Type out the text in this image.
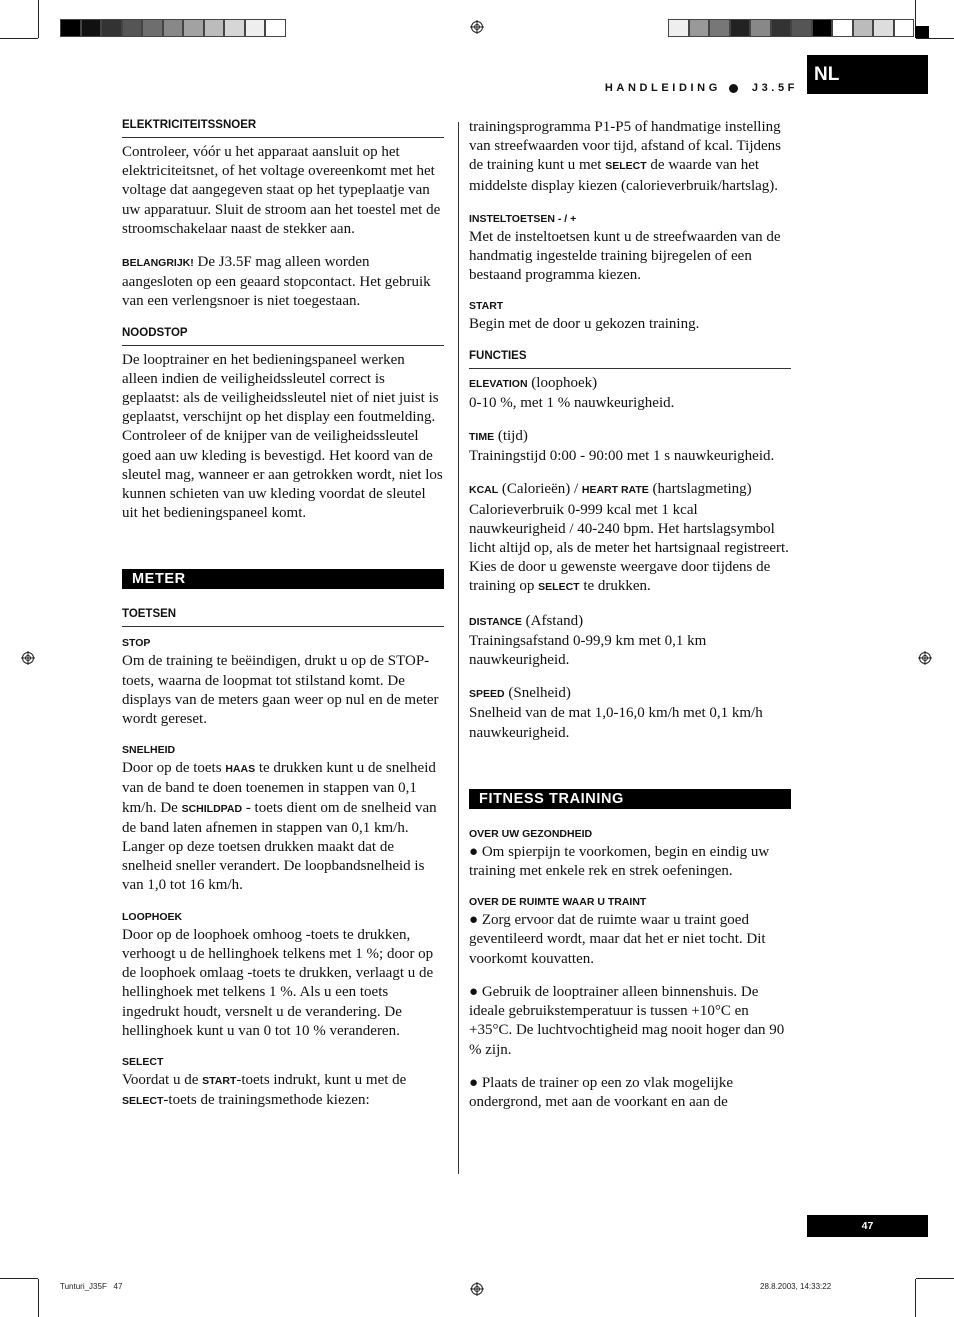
HANDLEIDING	J3.5F
NL
ELEKTRICITEITSSNOER

Controleer, vóór u het apparaat aansluit op het elektriciteitsnet, of het voltage overeenkomt met het voltage dat aangegeven staat op het typeplaatje van uw apparatuur. Sluit de stroom aan het toestel met de stroomschakelaar naast de stekker aan.

BELANGRIJK! De J3.5F mag alleen worden aangesloten op een geaard stopcontact. Het gebruik van een verlengsnoer is niet toegestaan.

NOODSTOP

De looptrainer en het bedieningspaneel werken alleen indien de veiligheidssleutel correct is geplaatst: als de veiligheidssleutel niet of niet juist is geplaatst, verschijnt op het display een foutmelding. Controleer of de knijper van de veiligheidssleutel goed aan uw kleding is bevestigd. Het koord van de sleutel mag, wanneer er aan getrokken wordt, niet los kunnen schieten van uw kleding voordat de sleutel uit het bedieningspaneel komt.

METER
TOETSEN
STOP

Om de training te beëindigen, drukt u op de STOP-toets, waarna de loopmat tot stilstand komt. De displays van de meters gaan weer op nul en de meter wordt gereset.

SNELHEID

Door op de toets HAAS te drukken kunt u de snelheid van de band te doen toenemen in stappen van 0,1 km/h. De SCHILDPAD - toets dient om de snelheid van de band laten afnemen in stappen van 0,1 km/h. Langer op deze toetsen drukken maakt dat de snelheid sneller verandert. De loopbandsnelheid is van 1,0 tot 16 km/h.

LOOPHOEK

Door op de loophoek omhoog -toets te drukken, verhoogt u de hellinghoek telkens met 1 %; door op de loophoek omlaag -toets te drukken, verlaagt u de hellinghoek met telkens 1 %. Als u een toets ingedrukt houdt, versnelt u de verandering. De hellinghoek kunt u van 0 tot 10 % veranderen.

SELECT

Voordat u de START-toets indrukt, kunt u met de SELECT-toets de trainingsmethode kiezen:

trainingsprogramma P1-P5 of handmatige instelling van streefwaarden voor tijd, afstand of kcal. Tijdens de training kunt u met SELECT de waarde van het middelste display kiezen (calorieverbruik/hartslag).

INSTELTOETSEN - / +

Met de insteltoetsen kunt u de streefwaarden van de handmatig ingestelde training bijregelen of een bestaand programma kiezen.

START

Begin met de door u gekozen training.

FUNCTIES

ELEVATION (loophoek)
0-10 %, met 1 % nauwkeurigheid.

TIME (tijd)
Trainingstijd 0:00 - 90:00 met 1 s nauwkeurigheid.

KCAL (Calorieën) / HEART RATE (hartslagmeting)
Calorieverbruik 0-999 kcal met 1 kcal nauwkeurigheid / 40-240 bpm. Het hartslagsymbol licht altijd op, als de meter het hartsignaal registreert. Kies de door u gewenste weergave door tijdens de training op SELECT te drukken.

DISTANCE (Afstand)
Trainingsafstand 0-99,9 km met 0,1 km nauwkeurigheid.

SPEED (Snelheid)
Snelheid van de mat 1,0-16,0 km/h met 0,1 km/h nauwkeurigheid.

FITNESS TRAINING
OVER UW GEZONDHEID

● Om spierpijn te voorkomen, begin en eindig uw training met enkele rek en strek oefeningen.

OVER DE RUIMTE WAAR U TRAINT

● Zorg ervoor dat de ruimte waar u traint goed geventileerd wordt, maar dat het er niet tocht. Dit voorkomt kouvatten.

● Gebruik de looptrainer alleen binnenshuis. De ideale gebruikstemperatuur is tussen +10°C en +35°C. De luchtvochtigheid mag nooit hoger dan 90 % zijn.

● Plaats de trainer op een zo vlak mogelijke ondergrond, met aan de voorkant en aan de

47
Tunturi_J35F   47	28.8.2003, 14:33:22
